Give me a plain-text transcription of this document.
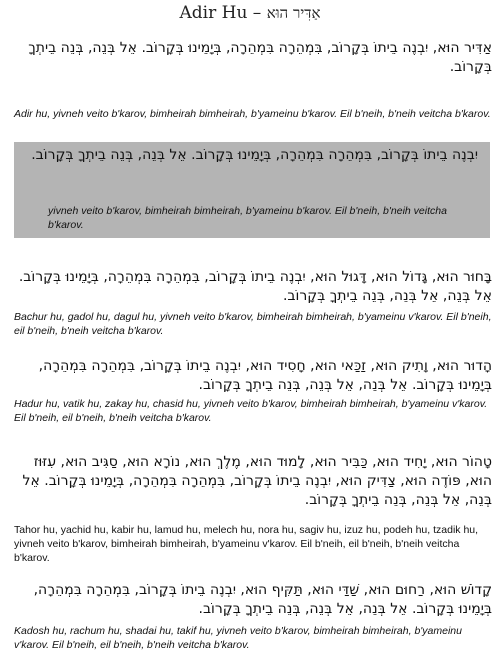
Adir Hu – אַדִּיר הוּא
אַדִּיר הוּא, יִבְנֶה בֵיתוֹ בְּקָרוֹב, בִּמְהֵרָה בִּמְהֵרָה, בְּיָמֵינוּ בְּקָרוֹב. אֵל בְּנֵה, בְּנֵה בֵיתְךָ בְּקָרוֹב.
Adir hu, yivneh veito b'karov, bimheirah bimheirah, b'yameinu b'karov. Eil b'neih, b'neih veitcha b'karov.
יִבְנֶה בֵיתוֹ בְּקָרוֹב, בִּמְהֵרָה בִּמְהֵרָה, בְּיָמֵינוּ בְּקָרוֹב. אֵל בְּנֵה, בְּנֵה בֵיתְךָ בְּקָרוֹב.
yivneh veito b'karov, bimheirah bimheirah, b'yameinu b'karov. Eil b'neih, b'neih veitcha b'karov.
בָּחוּר הוּא, גָּדוֹל הוּא, דָּגוּל הוּא, יִבְנֶה בֵיתוֹ בְּקָרוֹב, בִּמְהֵרָה בִּמְהֵרָה, בְּיָמֵינוּ בְּקָרוֹב. אֵל בְּנֵה, אֵל בְּנֵה, בְּנֵה בֵיתְךָ בְּקָרוֹב.
Bachur hu, gadol hu, dagul hu, yivneh veito b'karov, bimheirah bimheirah, b'yameinu v'karov. Eil b'neih, eil b'neih, b'neih veitcha b'karov.
הָדוּר הוּא, וָתִיק הוּא, זַכַּאי הוּא, חָסִיד הוּא, יִבְנֶה בֵיתוֹ בְּקָרוֹב, בִּמְהֵרָה בִּמְהֵרָה, בְּיָמֵינוּ בְּקָרוֹב. אֵל בְּנֵה, אֵל בְּנֵה, בְּנֵה בֵיתְךָ בְּקָרוֹב.
Hadur hu, vatik hu, zakay hu, chasid hu, yivneh veito b'karov, bimheirah bimheirah, b'yameinu v'karov. Eil b'neih, eil b'neih, b'neih veitcha b'karov.
טָהוֹר הוּא, יָחִיד הוּא, כַּבִּיר הוּא, לָמוּד הוּא, מֶלֶךְ הוּא, נוֹרָא הוּא, סַגִּיב הוּא, עִזּוּז הוּא, פּוֹדֶה הוּא, צַדִּיק הוּא, יִבְנֶה בֵיתוֹ בְּקָרוֹב, בִּמְהֵרָה בִּמְהֵרָה, בְּיָמֵינוּ בְּקָרוֹב. אֵל בְּנֵה, אֵל בְּנֵה, בְּנֵה בֵיתְךָ בְּקָרוֹב.
Tahor hu, yachid hu, kabir hu, lamud hu, melech hu, nora hu, sagiv hu, izuz hu, podeh hu, tzadik hu, yivneh veito b'karov, bimheirah bimheirah, b'yameinu v'karov. Eil b'neih, eil b'neih, b'neih veitcha b'karov.
קָדוֹשׁ הוּא, רַחוּם הוּא, שַׁדַּי הוּא, תַּקִּיף הוּא, יִבְנֶה בֵיתוֹ בְּקָרוֹב, בִּמְהֵרָה בִּמְהֵרָה, בְּיָמֵינוּ בְּקָרוֹב. אֵל בְּנֵה, אֵל בְּנֵה, בְּנֵה בֵיתְךָ בְּקָרוֹב.
Kadosh hu, rachum hu, shadai hu, takif hu, yivneh veito b'karov, bimheirah bimheirah, b'yameinu v'karov. Eil b'neih, eil b'neih, b'neih veitcha b'karov.
